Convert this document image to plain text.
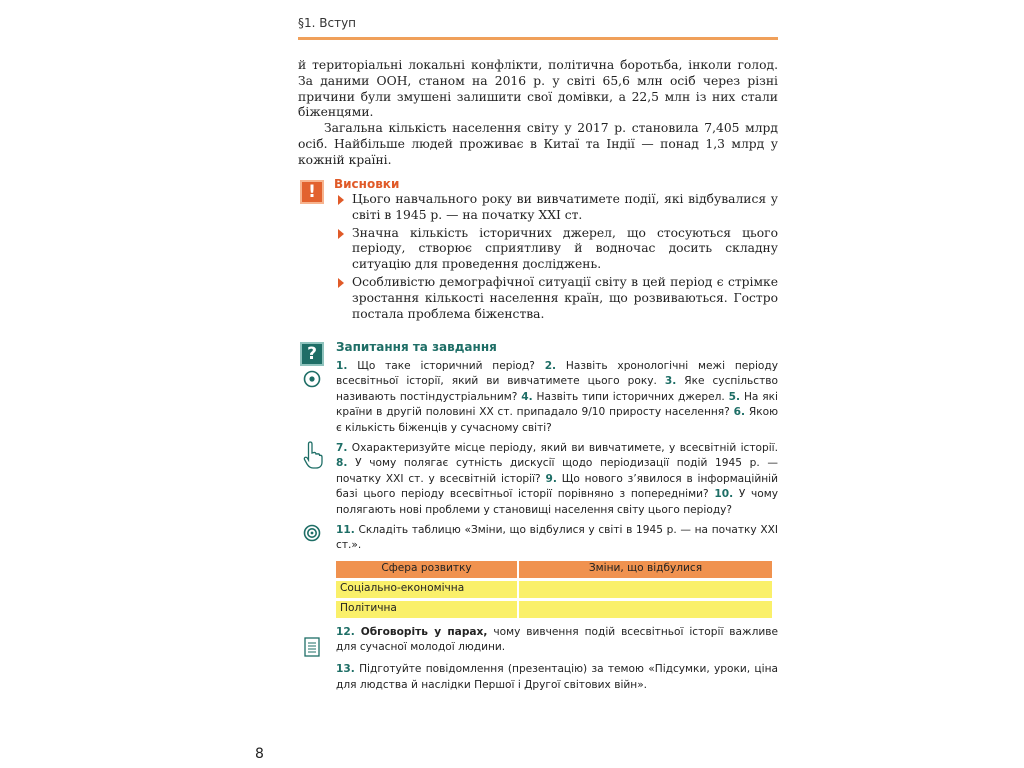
§1. Вступ

й територіальні локальні конфлікти, політична боротьба, інколи голод. За даними ООН, станом на 2016 р. у світі 65,6 млн осіб через різні причини були змушені залишити свої домівки, а 22,5 млн із них стали біженцями.

Загальна кількість населення світу у 2017 р. становила 7,405 млрд осіб. Найбільше людей проживає в Китаї та Індії — понад 1,3 млрд у кожній країні.

!	Висновки
Цього навчального року ви вивчатимете події, які відбувалися у світі в 1945 р. — на початку XXI ст.
Значна кількість історичних джерел, що стосуються цього періоду, створює сприятливу й водночас досить складну ситуацію для проведення досліджень.
Особливістю демографічної ситуації світу в цей період є стрімке зростання кількості населення країн, що розвиваються. Гостро постала проблема біженства.
?	Запитання та завдання

1. Що таке історичний період? 2. Назвіть хронологічні межі періоду всесвітньої історії, який ви вивчатимете цього року. 3. Яке суспільство називають постіндустріальним? 4. Назвіть типи історичних джерел. 5. На які країни в другій половині ХХ ст. припадало 9/10 приросту населення? 6. Якою є кількість біженців у сучасному світі?

7. Охарактеризуйте місце періоду, який ви вивчатимете, у всесвітній історії. 8. У чому полягає сутність дискусії щодо періодизації подій 1945 р. — початку XXI ст. у всесвітній історії? 9. Що нового з’явилося в інформаційній базі цього періоду всесвітньої історії порівняно з попередніми? 10. У чому полягають нові проблеми у становищі населення світу цього періоду?

11. Складіть таблицю «Зміни, що відбулися у світі в 1945 р. — на початку XXI ст.».

Сфера розвитку	Зміни, що відбулися
Соціально-економічна	
Політична	

12. Обговоріть у парах, чому вивчення подій всесвітньої історії важливе для сучасної молодої людини.

13. Підготуйте повідомлення (презентацію) за темою «Підсумки, уроки, ціна для людства й наслідки Першої і Другої світових війн».

8
